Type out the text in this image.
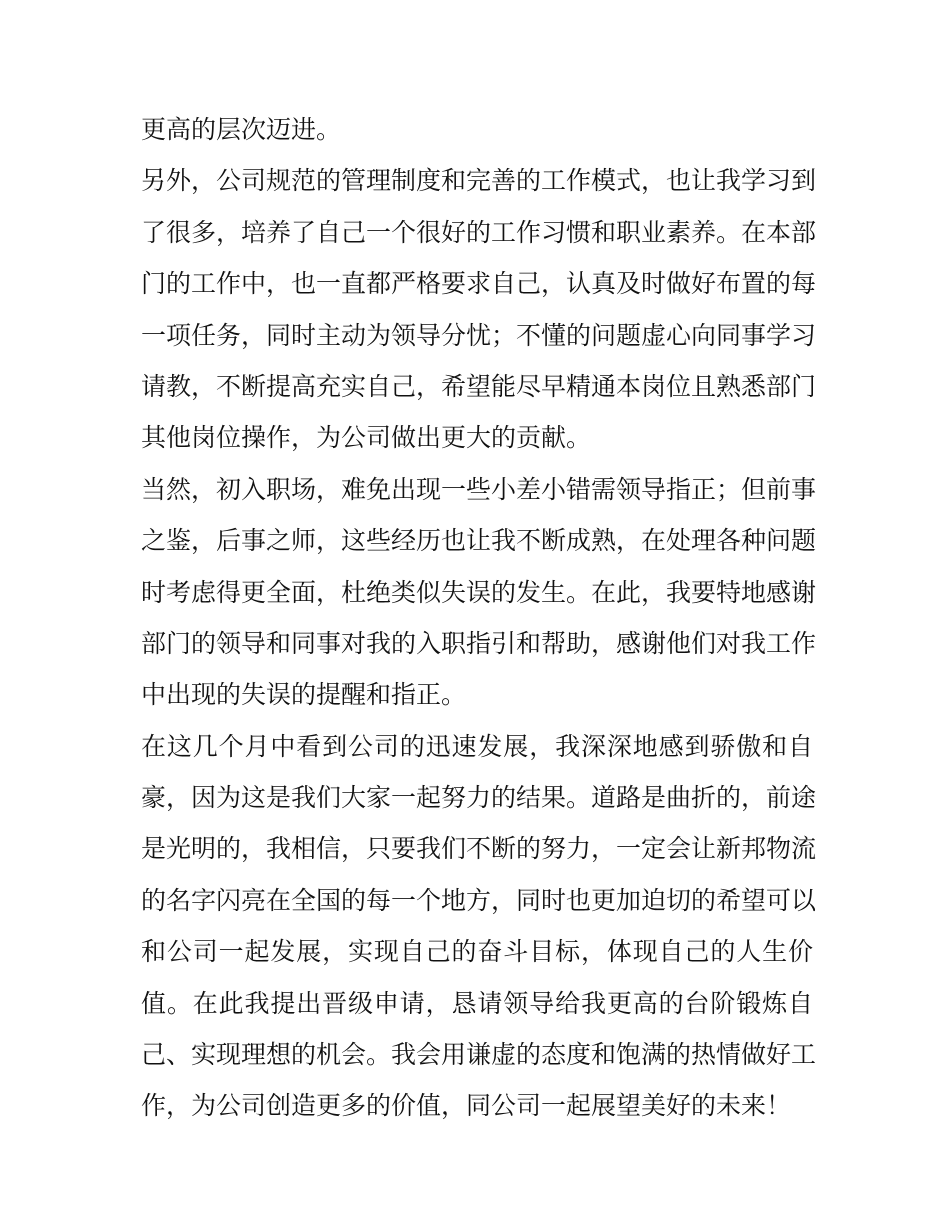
更高的层次迈进。
另外，公司规范的管理制度和完善的工作模式，也让我学习到
了很多，培养了自己一个很好的工作习惯和职业素养。在本部
门的工作中，也一直都严格要求自己，认真及时做好布置的每
一项任务，同时主动为领导分忧；不懂的问题虚心向同事学习
请教，不断提高充实自己，希望能尽早精通本岗位且熟悉部门
其他岗位操作，为公司做出更大的贡献。
当然，初入职场，难免出现一些小差小错需领导指正；但前事
之鉴，后事之师，这些经历也让我不断成熟，在处理各种问题
时考虑得更全面，杜绝类似失误的发生。在此，我要特地感谢
部门的领导和同事对我的入职指引和帮助，感谢他们对我工作
中出现的失误的提醒和指正。
在这几个月中看到公司的迅速发展，我深深地感到骄傲和自
豪，因为这是我们大家一起努力的结果。道路是曲折的，前途
是光明的，我相信，只要我们不断的努力，一定会让新邦物流
的名字闪亮在全国的每一个地方，同时也更加迫切的希望可以
和公司一起发展，实现自己的奋斗目标，体现自己的人生价
值。在此我提出晋级申请，恳请领导给我更高的台阶锻炼自
己、实现理想的机会。我会用谦虚的态度和饱满的热情做好工
作，为公司创造更多的价值，同公司一起展望美好的未来！
